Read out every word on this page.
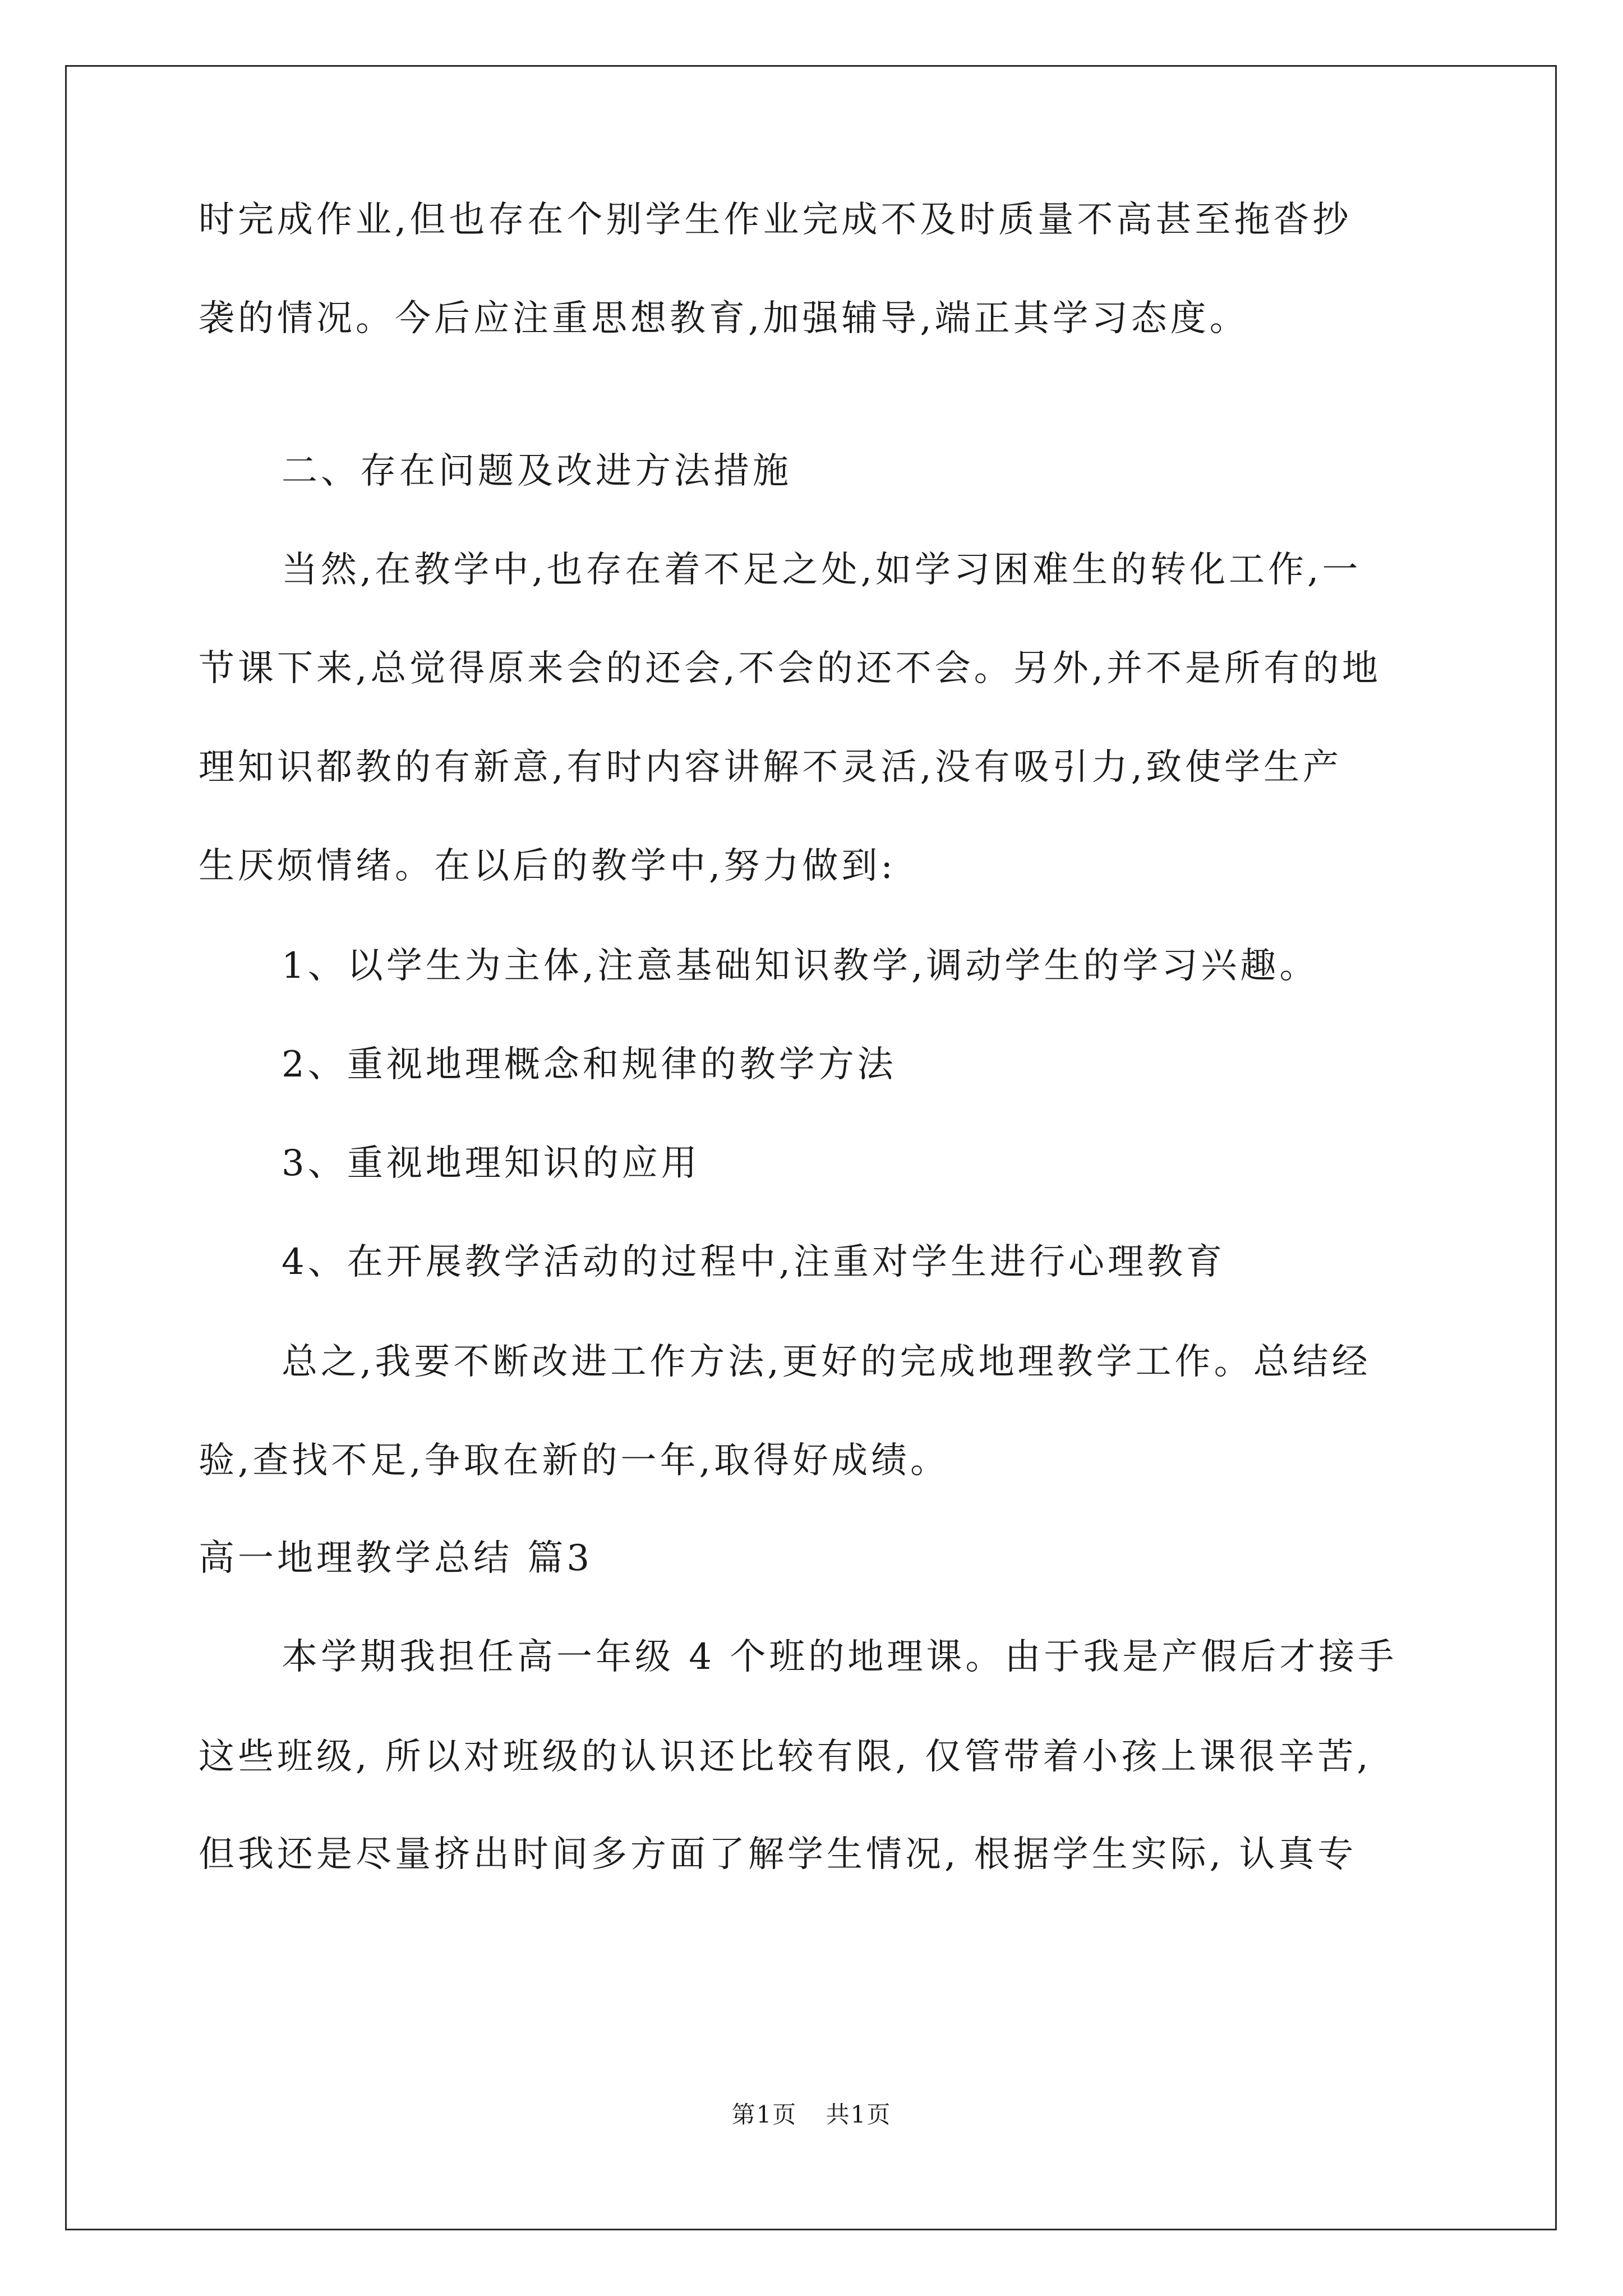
时完成作业,但也存在个别学生作业完成不及时质量不高甚至拖沓抄
袭的情况。今后应注重思想教育,加强辅导,端正其学习态度。
二、存在问题及改进方法措施
当然,在教学中,也存在着不足之处,如学习困难生的转化工作,一
节课下来,总觉得原来会的还会,不会的还不会。另外,并不是所有的地
理知识都教的有新意,有时内容讲解不灵活,没有吸引力,致使学生产
生厌烦情绪。在以后的教学中,努力做到:
1、以学生为主体,注意基础知识教学,调动学生的学习兴趣。
2、重视地理概念和规律的教学方法
3、重视地理知识的应用
4、在开展教学活动的过程中,注重对学生进行心理教育
总之,我要不断改进工作方法,更好的完成地理教学工作。总结经
验,查找不足,争取在新的一年,取得好成绩。
高一地理教学总结 篇3
本学期我担任高一年级 4 个班的地理课。由于我是产假后才接手
这些班级, 所以对班级的认识还比较有限, 仅管带着小孩上课很辛苦,
但我还是尽量挤出时间多方面了解学生情况, 根据学生实际, 认真专
第1页 共1页
